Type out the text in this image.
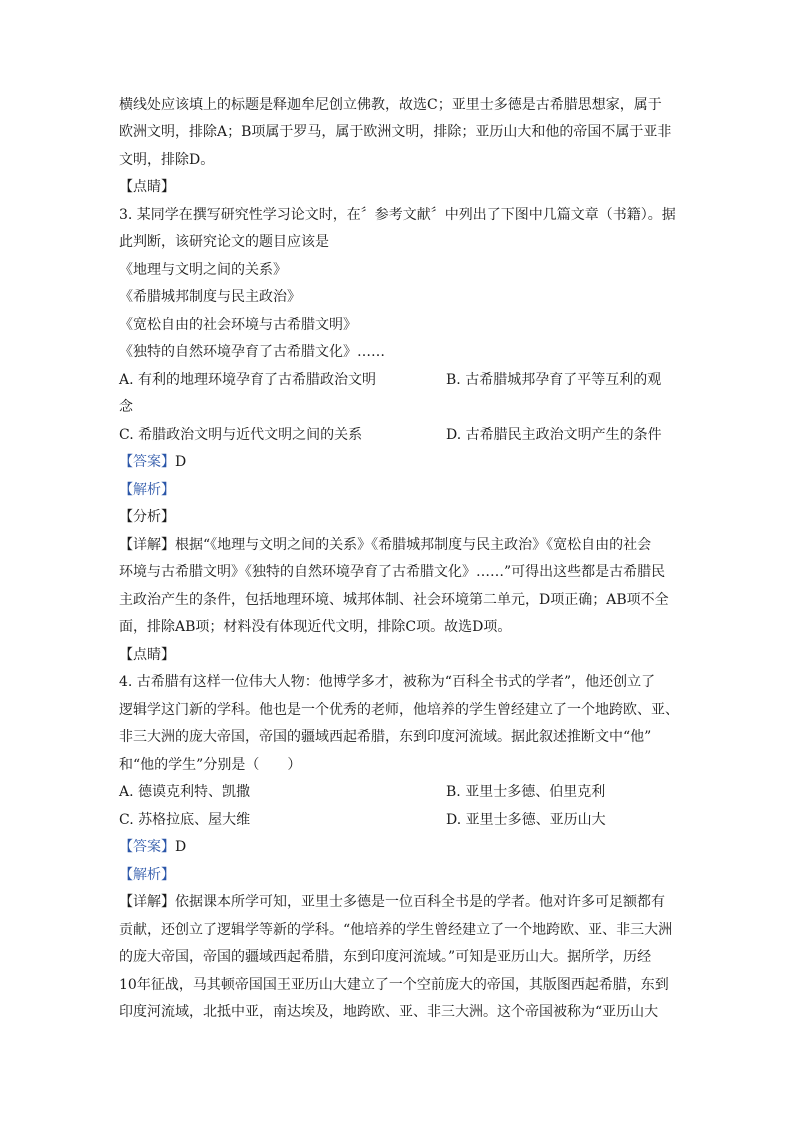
横线处应该填上的标题是释迦牟尼创立佛教，故选C；亚里士多德是古希腊思想家，属于
欧洲文明，排除A；B项属于罗马，属于欧洲文明，排除；亚历山大和他的帝国不属于亚非
文明，排除D。
【点睛】
3. 某同学在撰写研究性学习论文时，在〞参考文献〞中列出了下图中几篇文章（书籍）。据
此判断，该研究论文的题目应该是
《地理与文明之间的关系》
《希腊城邦制度与民主政治》
《宽松自由的社会环境与古希腊文明》
《独特的自然环境孕育了古希腊文化》……
A. 有利的地理环境孕育了古希腊政治文明	B. 古希腊城邦孕育了平等互利的观
念
C. 希腊政治文明与近代文明之间的关系	D. 古希腊民主政治文明产生的条件
【答案】D
【解析】
【分析】
【详解】根据“《地理与文明之间的关系》《希腊城邦制度与民主政治》《宽松自由的社会
环境与古希腊文明》《独特的自然环境孕育了古希腊文化》……”可得出这些都是古希腊民
主政治产生的条件，包括地理环境、城邦体制、社会环境第二单元，D项正确；AB项不全
面，排除AB项；材料没有体现近代文明，排除C项。故选D项。
【点睛】
4. 古希腊有这样一位伟大人物：他博学多才，被称为“百科全书式的学者”，他还创立了
逻辑学这门新的学科。他也是一个优秀的老师，他培养的学生曾经建立了一个地跨欧、亚、
非三大洲的庞大帝国，帝国的疆域西起希腊，东到印度河流域。据此叙述推断文中“他”
和“他的学生”分别是（　　）
A. 德谟克利特、凯撒	B. 亚里士多德、伯里克利
C. 苏格拉底、屋大维	D. 亚里士多德、亚历山大
【答案】D
【解析】
【详解】依据课本所学可知，亚里士多德是一位百科全书是的学者。他对许多可足额都有
贡献，还创立了逻辑学等新的学科。“他培养的学生曾经建立了一个地跨欧、亚、非三大洲
的庞大帝国，帝国的疆域西起希腊，东到印度河流域。”可知是亚历山大。据所学，历经
10年征战，马其顿帝国国王亚历山大建立了一个空前庞大的帝国，其版图西起希腊，东到
印度河流域，北抵中亚，南达埃及，地跨欧、亚、非三大洲。这个帝国被称为“亚历山大
